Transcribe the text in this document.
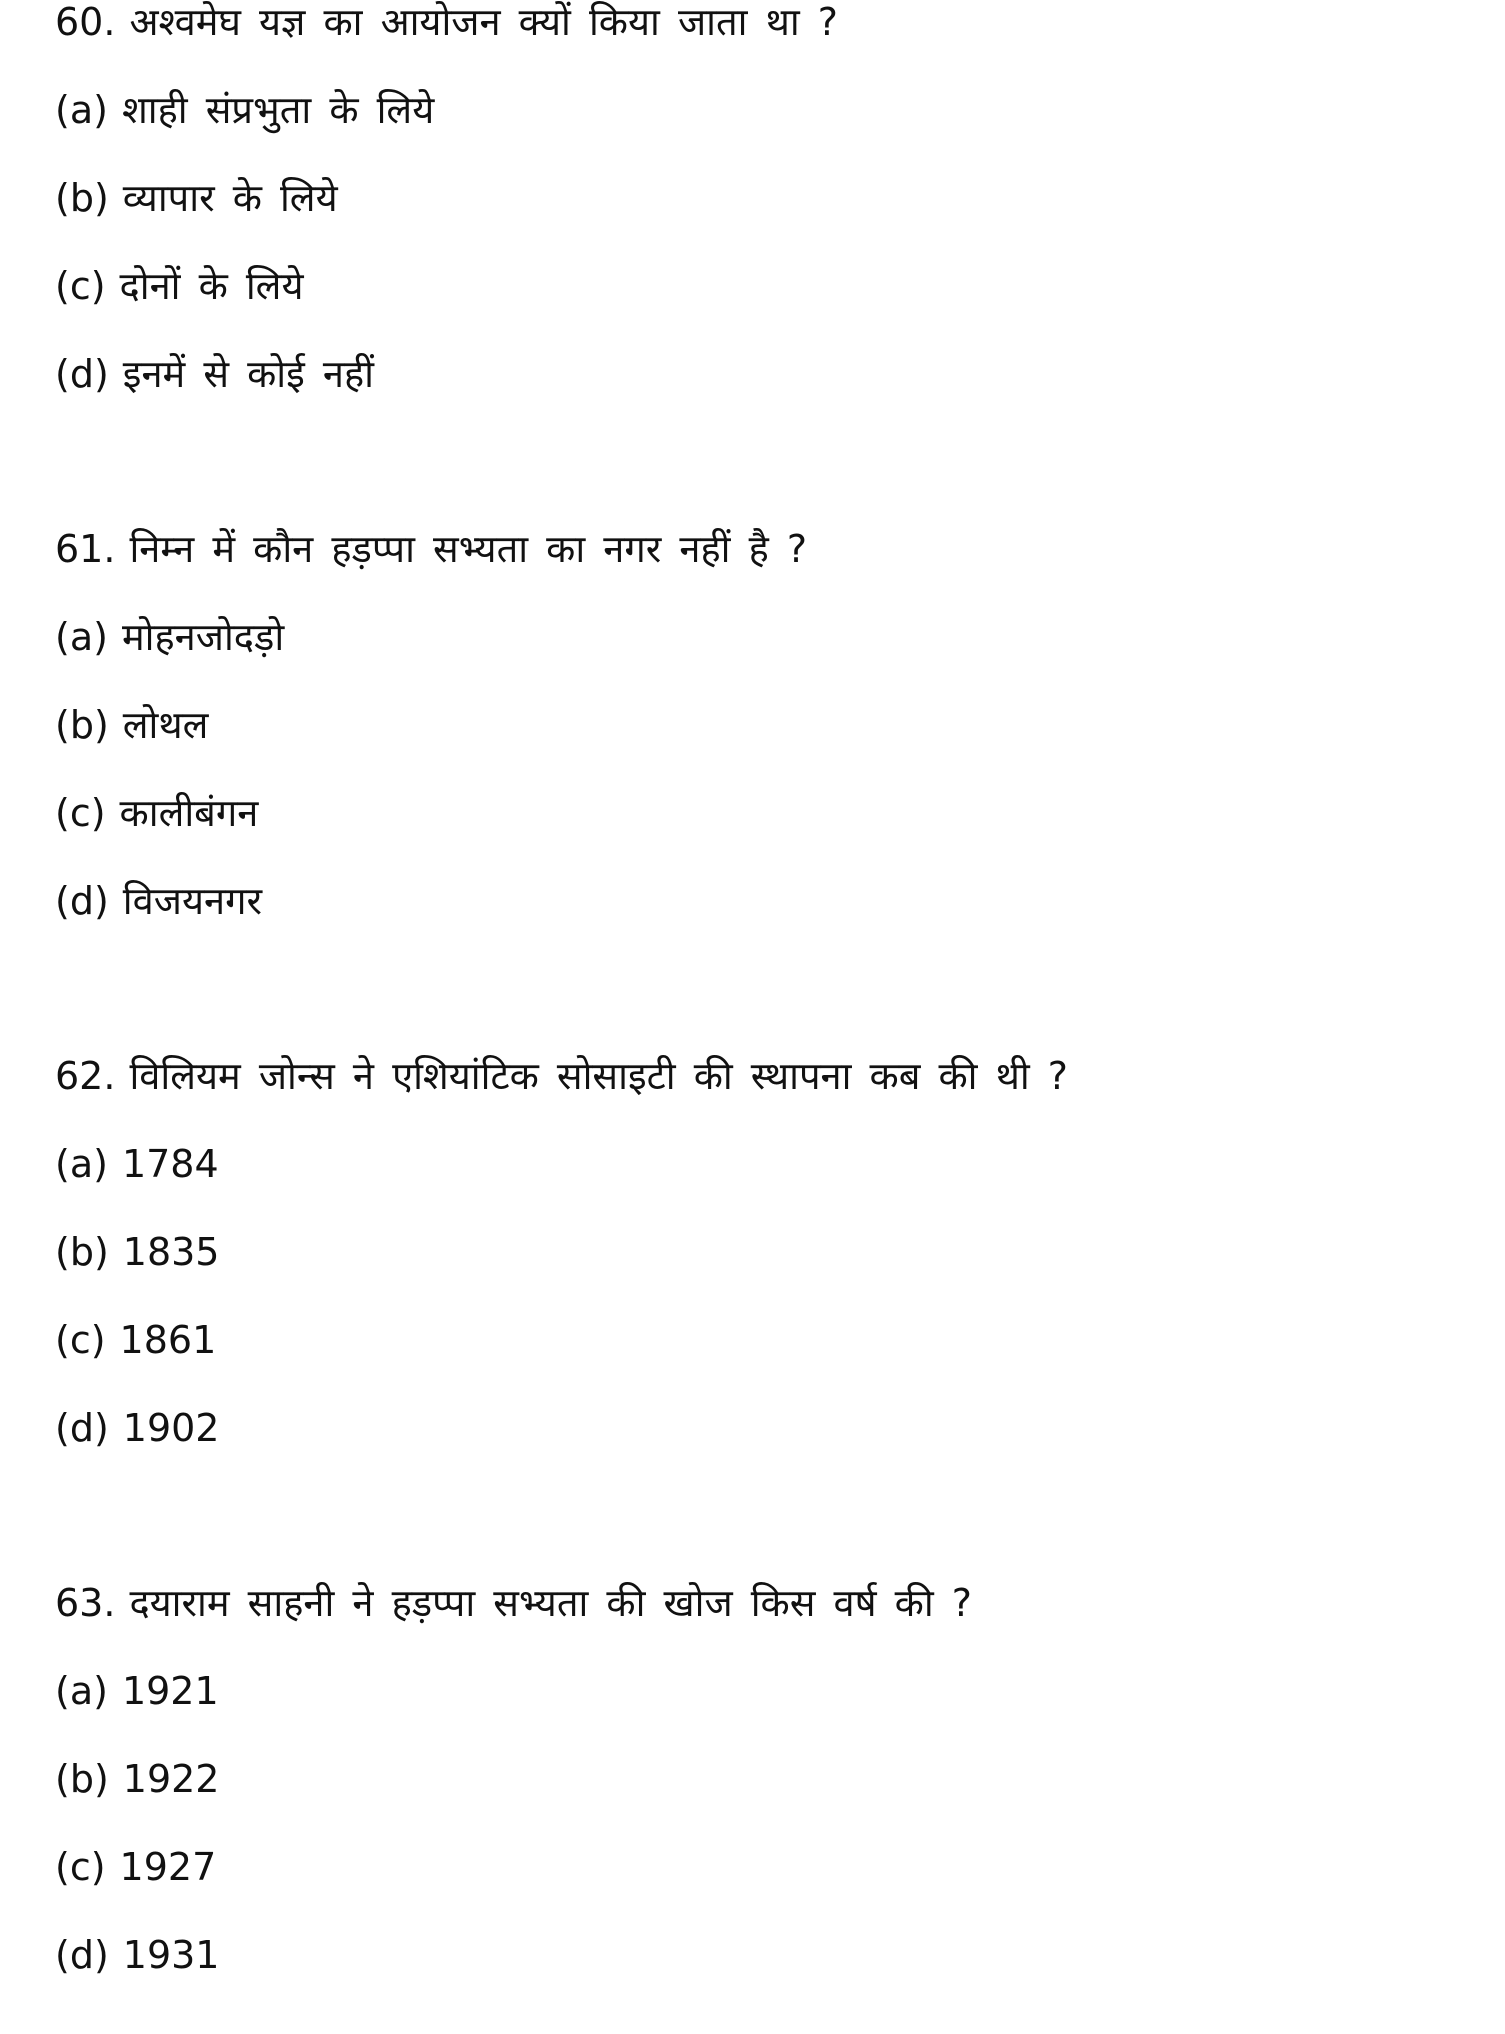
60. अश्वमेघ यज्ञ का आयोजन क्यों किया जाता था ?
(a) शाही संप्रभुता के लिये
(b) व्यापार के लिये
(c) दोनों के लिये
(d) इनमें से कोई नहीं
61. निम्न में कौन हड़प्पा सभ्यता का नगर नहीं है ?
(a) मोहनजोदड़ो
(b) लोथल
(c) कालीबंगन
(d) विजयनगर
62. विलियम जोन्स ने एशियांटिक सोसाइटी की स्थापना कब की थी ?
(a) 1784
(b) 1835
(c) 1861
(d) 1902
63. दयाराम साहनी ने हड़प्पा सभ्यता की खोज किस वर्ष की ?
(a) 1921
(b) 1922
(c) 1927
(d) 1931
